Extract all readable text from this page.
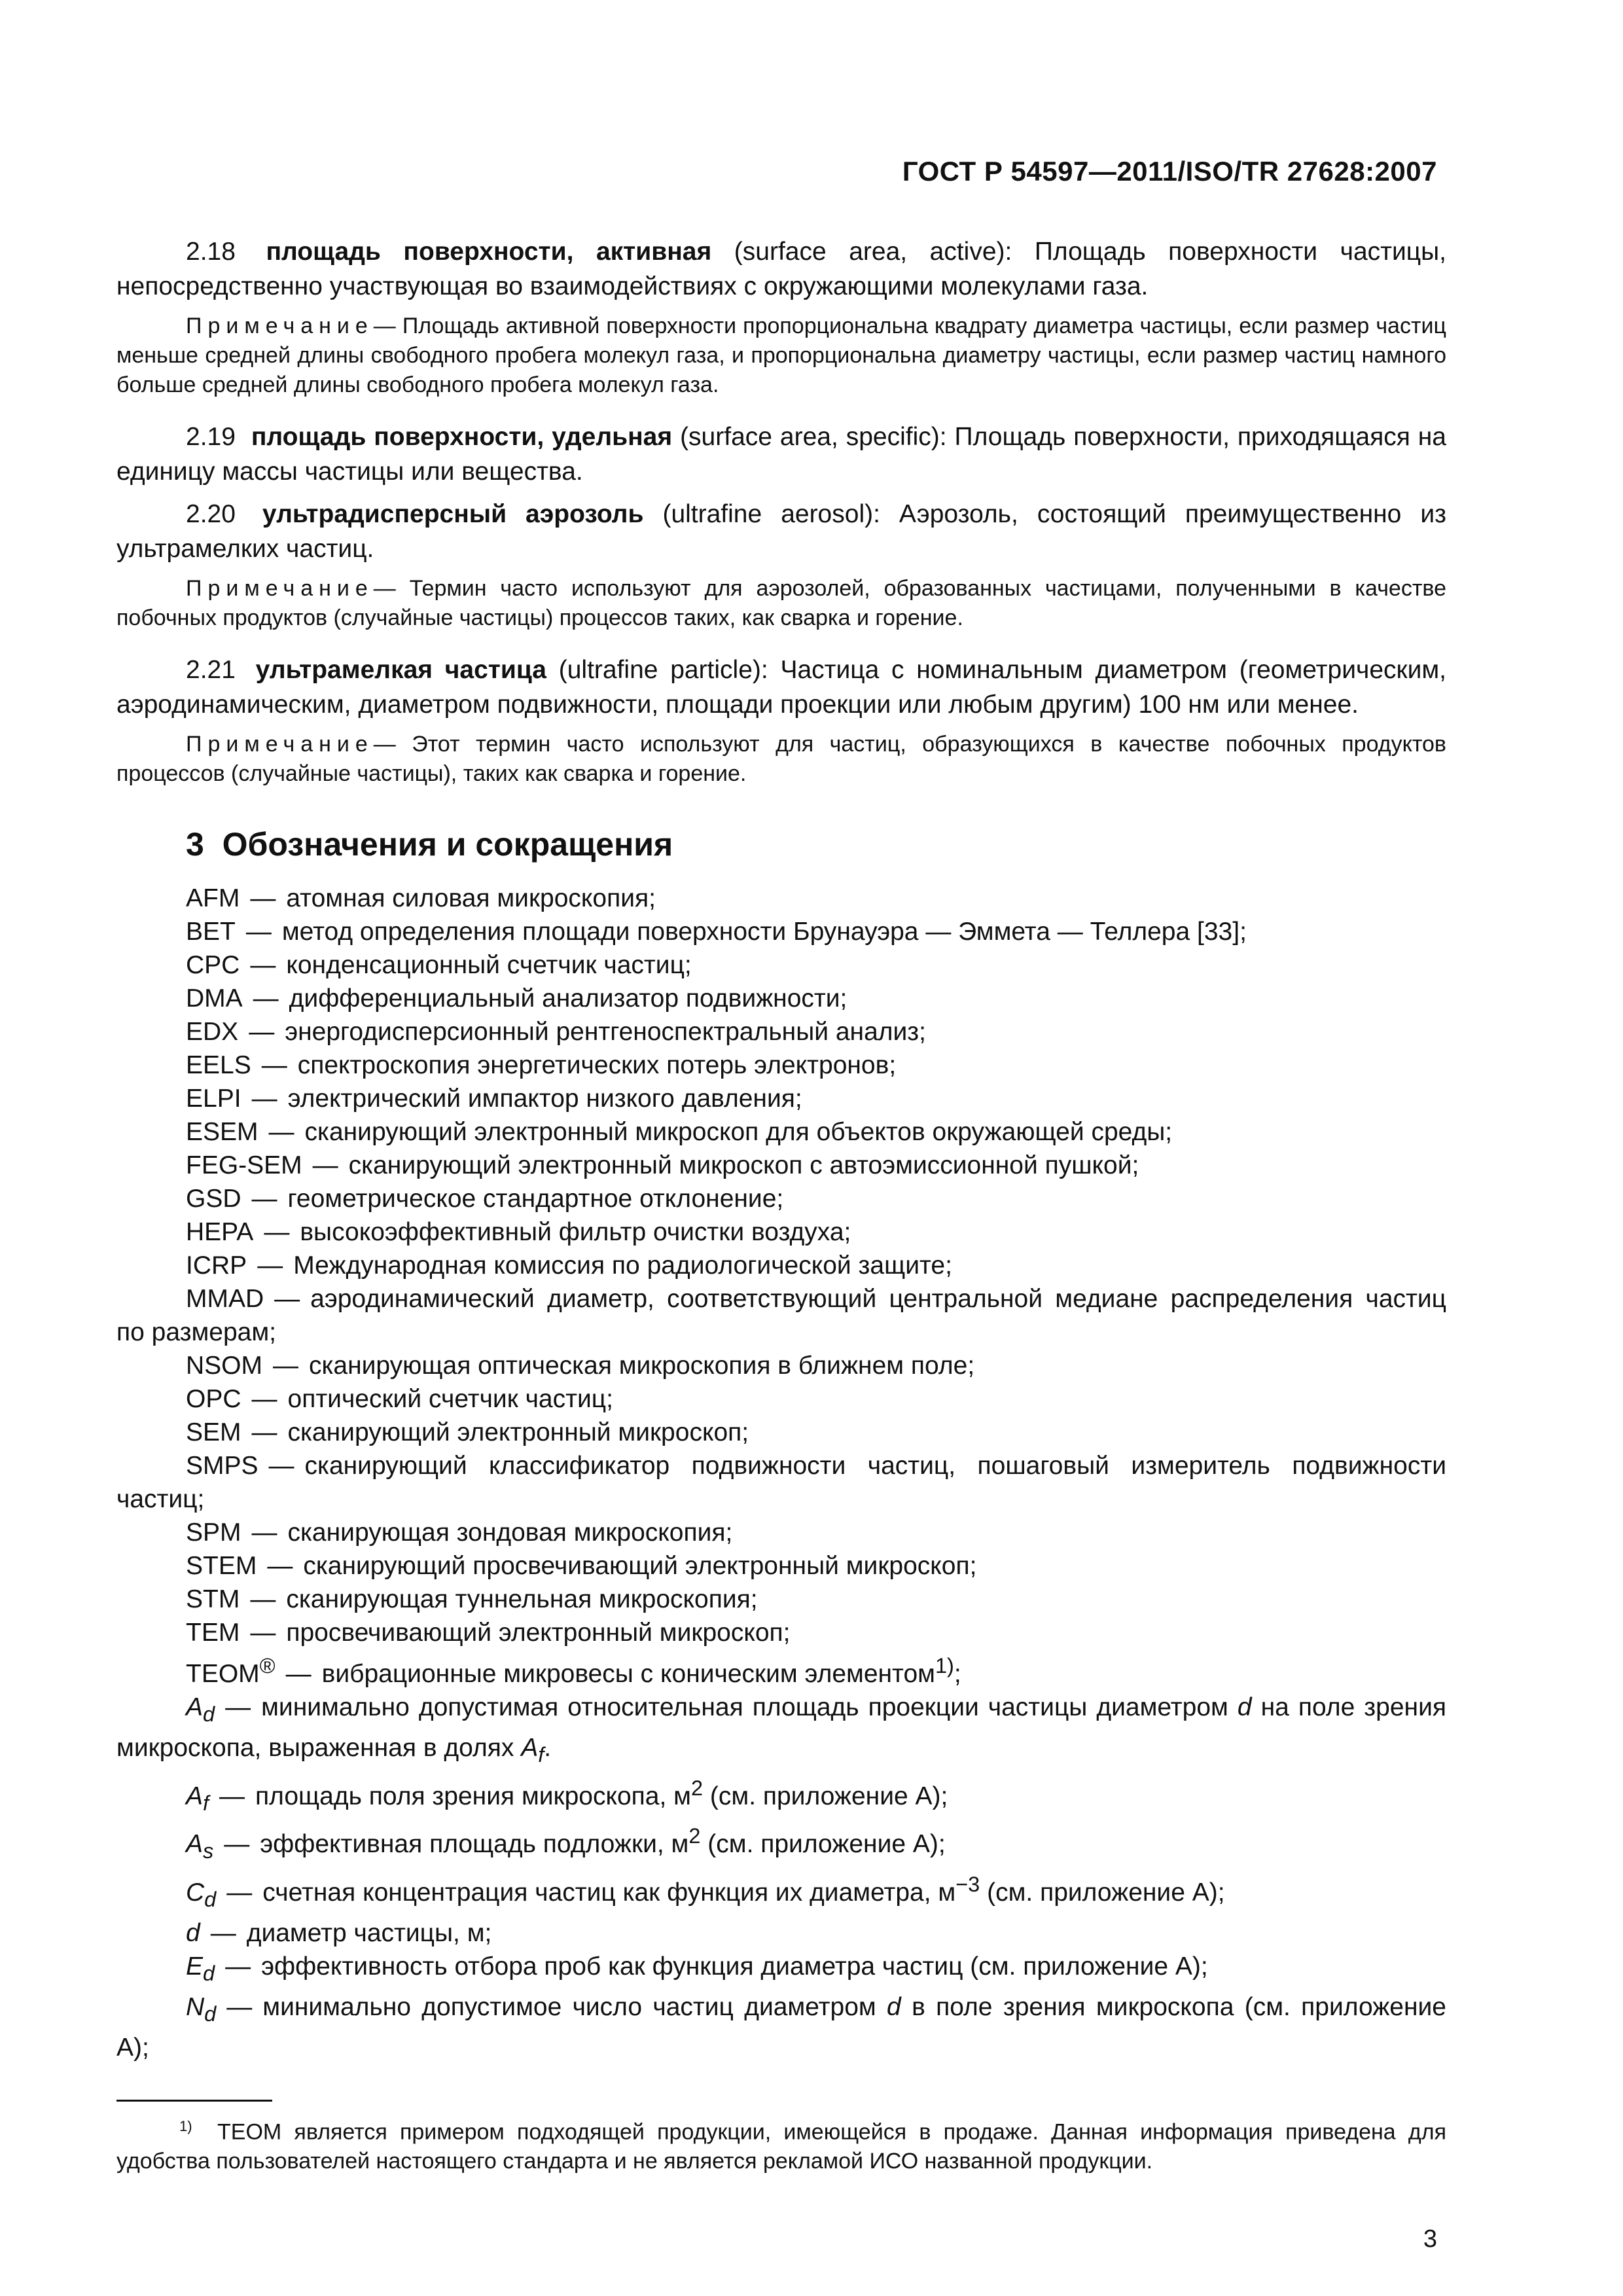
ГОСТ Р 54597—2011/ISO/TR 27628:2007

2.18 площадь поверхности, активная (surface area, active): Площадь поверхности частицы, непосредственно участвующая во взаимодействиях с окружающими молекулами газа.

Примечание— Площадь активной поверхности пропорциональна квадрату диаметра частицы, если размер частиц меньше средней длины свободного пробега молекул газа, и пропорциональна диаметру частицы, если размер частиц намного больше средней длины свободного пробега молекул газа.

2.19 площадь поверхности, удельная (surface area, specific): Площадь поверхности, приходящаяся на единицу массы частицы или вещества.

2.20 ультрадисперсный аэрозоль (ultrafine aerosol): Аэрозоль, состоящий преимущественно из ультрамелких частиц.

Примечание— Термин часто используют для аэрозолей, образованных частицами, полученными в качестве побочных продуктов (случайные частицы) процессов таких, как сварка и горение.

2.21 ультрамелкая частица (ultrafine particle): Частица с номинальным диаметром (геометрическим, аэродинамическим, диаметром подвижности, площади проекции или любым другим) 100 нм или менее.

Примечание— Этот термин часто используют для частиц, образующихся в качестве побочных продуктов процессов (случайные частицы), таких как сварка и горение.

3 Обозначения и сокращения

AFM — атомная силовая микроскопия;

BET — метод определения площади поверхности Брунауэра — Эммета — Теллера [33];

CPC — конденсационный счетчик частиц;

DMA — дифференциальный анализатор подвижности;

EDX — энергодисперсионный рентгеноспектральный анализ;

EELS — спектроскопия энергетических потерь электронов;

ELPI — электрический импактор низкого давления;

ESEM — сканирующий электронный микроскоп для объектов окружающей среды;

FEG-SEM — сканирующий электронный микроскоп с автоэмиссионной пушкой;

GSD — геометрическое стандартное отклонение;

HEPA — высокоэффективный фильтр очистки воздуха;

ICRP — Международная комиссия по радиологической защите;

MMAD — аэродинамический диаметр, соответствующий центральной медиане распределения частиц по размерам;

NSOM — сканирующая оптическая микроскопия в ближнем поле;

OPC — оптический счетчик частиц;

SEM — сканирующий электронный микроскоп;

SMPS — сканирующий классификатор подвижности частиц, пошаговый измеритель подвижности частиц;

SPM — сканирующая зондовая микроскопия;

STEM — сканирующий просвечивающий электронный микроскоп;

STM — сканирующая туннельная микроскопия;

TEM — просвечивающий электронный микроскоп;

TEOM® — вибрационные микровесы с коническим элементом$^{1)}$;

$A_d$ — минимально допустимая относительная площадь проекции частицы диаметром d на поле зрения микроскопа, выраженная в долях $A_f$.

$A_f$ — площадь поля зрения микроскопа, $м^2$ (см. приложение А);

$A_s$ — эффективная площадь подложки, $м^2$ (см. приложение А);

$C_d$ — счетная концентрация частиц как функция их диаметра, $м^{-3}$ (см. приложение А);

d — диаметр частицы, м;

$E_d$ — эффективность отбора проб как функция диаметра частиц (см. приложение А);

$N_d$ — минимально допустимое число частиц диаметром d в поле зрения микроскопа (см. приложение А);

$^{1)}$ TEOM является примером подходящей продукции, имеющейся в продаже. Данная информация приведена для удобства пользователей настоящего стандарта и не является рекламой ИСО названной продукции.
3
